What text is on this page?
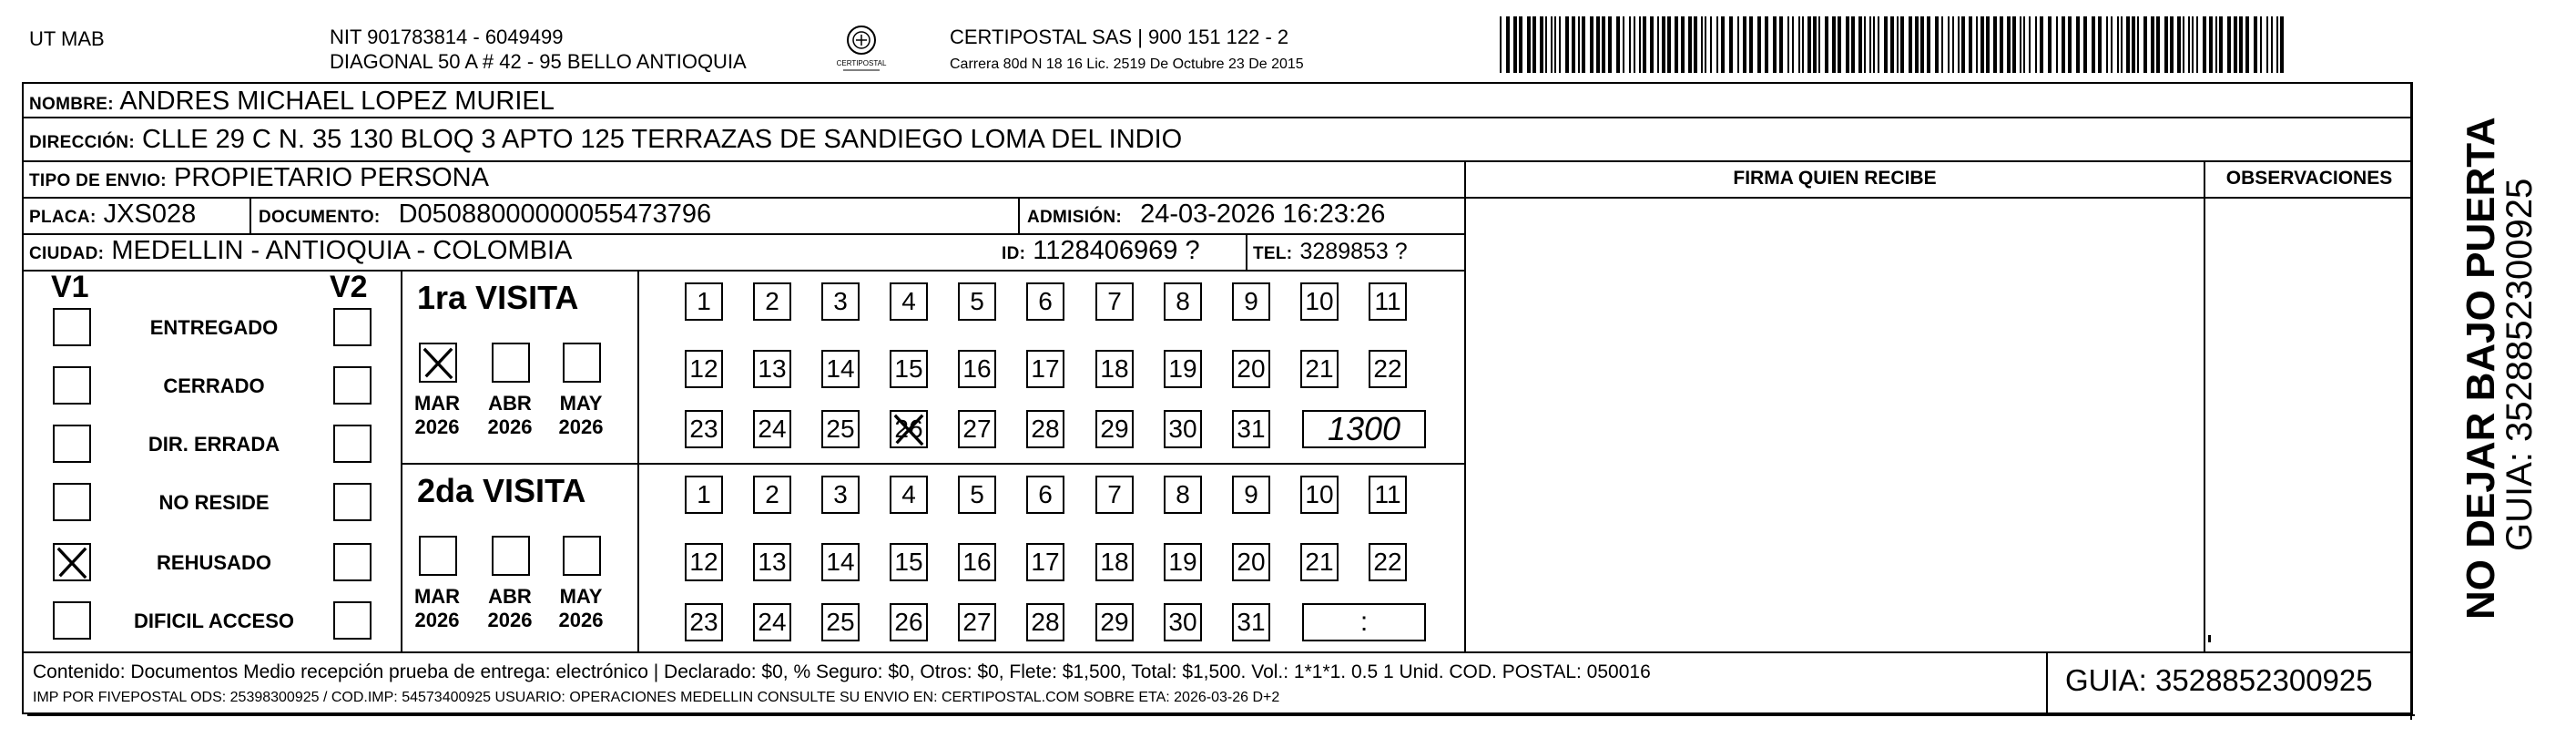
UT MAB	NIT 901783814 - 6049499
DIAGONAL 50 A # 42 - 95 BELLO ANTIOQUIA	CERTIPOSTAL
CERTIPOSTAL SAS | 900 151 122 - 2
Carrera 80d N 18 16 Lic. 2519 De Octubre 23 De 2015
NOMBRE: ANDRES MICHAEL LOPEZ MURIEL
DIRECCIÓN: CLLE 29 C N. 35 130 BLOQ 3 APTO 125 TERRAZAS DE SANDIEGO LOMA DEL INDIO
TIPO DE ENVIO: PROPIETARIO PERSONA
PLACA: JXS028	DOCUMENTO: D05088000000055473796	ADMISIÓN: 24-03-2026 16:23:26
CIUDAD: MEDELLIN - ANTIOQUIA - COLOMBIA	ID: 1128406969 ?	TEL: 3289853 ?
FIRMA QUIEN RECIBE	OBSERVACIONES
V1	V2
ENTREGADO
CERRADO
DIR. ERRADA
NO RESIDE
REHUSADO
DIFICIL ACCESO
1ra VISITA
MAR
2026
ABR
2026
MAY
2026
1	2	3	4	5	6	7	8	9	10 11
12 13 14 15 16 17 18 19 20 21 22
23 24 25 26 27 28 29 30 31	1300
2da VISITA
MAR
2026
ABR
2026
MAY
2026
1	2	3	4	5	6	7	8	9	10 11
12 13 14 15 16 17 18 19 20 21 22
23 24 25 26 27 28 29 30 31	:
Contenido: Documentos Medio recepción prueba de entrega: electrónico | Declarado: $0, % Seguro: $0, Otros: $0, Flete: $1,500, Total: $1,500. Vol.: 1*1*1. 0.5 1 Unid. COD. POSTAL: 050016
IMP POR FIVEPOSTAL ODS: 25398300925 / COD.IMP: 54573400925 USUARIO: OPERACIONES MEDELLIN CONSULTE SU ENVIO EN: CERTIPOSTAL.COM SOBRE ETA: 2026-03-26 D+2
GUIA: 3528852300925
NO DEJAR BAJO PUERTA
GUIA: 3528852300925
